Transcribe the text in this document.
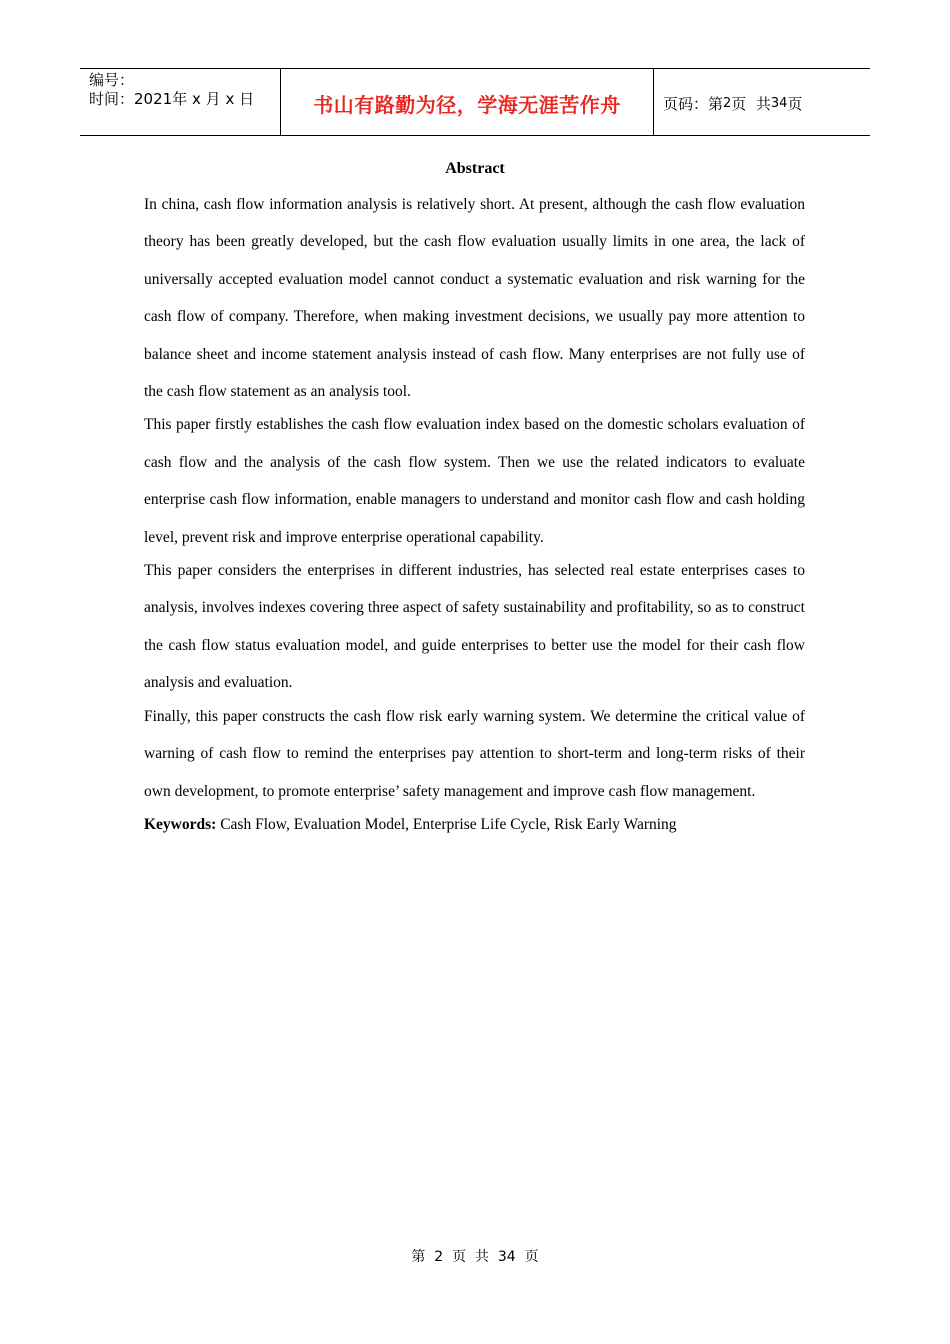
编号：
时间：2021年 x 月 x 日	书山有路勤为径，学海无涯苦作舟	页码：第 2 页  共 34 页
Abstract

In china, cash flow information analysis is relatively short. At present, although the cash flow evaluation theory has been greatly developed, but the cash flow evaluation usually limits in one area, the lack of universally accepted evaluation model cannot conduct a systematic evaluation and risk warning for the cash flow of company. Therefore, when making investment decisions, we usually pay more attention to balance sheet and income statement analysis instead of cash flow. Many enterprises are not fully use of the cash flow statement as an analysis tool.

This paper firstly establishes the cash flow evaluation index based on the domestic scholars evaluation of cash flow and the analysis of the cash flow system. Then we use the related indicators to evaluate enterprise cash flow information, enable managers to understand and monitor cash flow and cash holding level, prevent risk and improve enterprise operational capability.

This paper considers the enterprises in different industries, has selected real estate enterprises cases to analysis, involves indexes covering three aspect of safety sustainability and profitability, so as to construct the cash flow status evaluation model, and guide enterprises to better use the model for their cash flow analysis and evaluation.

Finally, this paper constructs the cash flow risk early warning system. We determine the critical value of warning of cash flow to remind the enterprises pay attention to short-term and long-term risks of their own development, to promote enterprise’ safety management and improve cash flow management.

Keywords: Cash Flow, Evaluation Model, Enterprise Life Cycle, Risk Early Warning

第  2  页  共  34  页
